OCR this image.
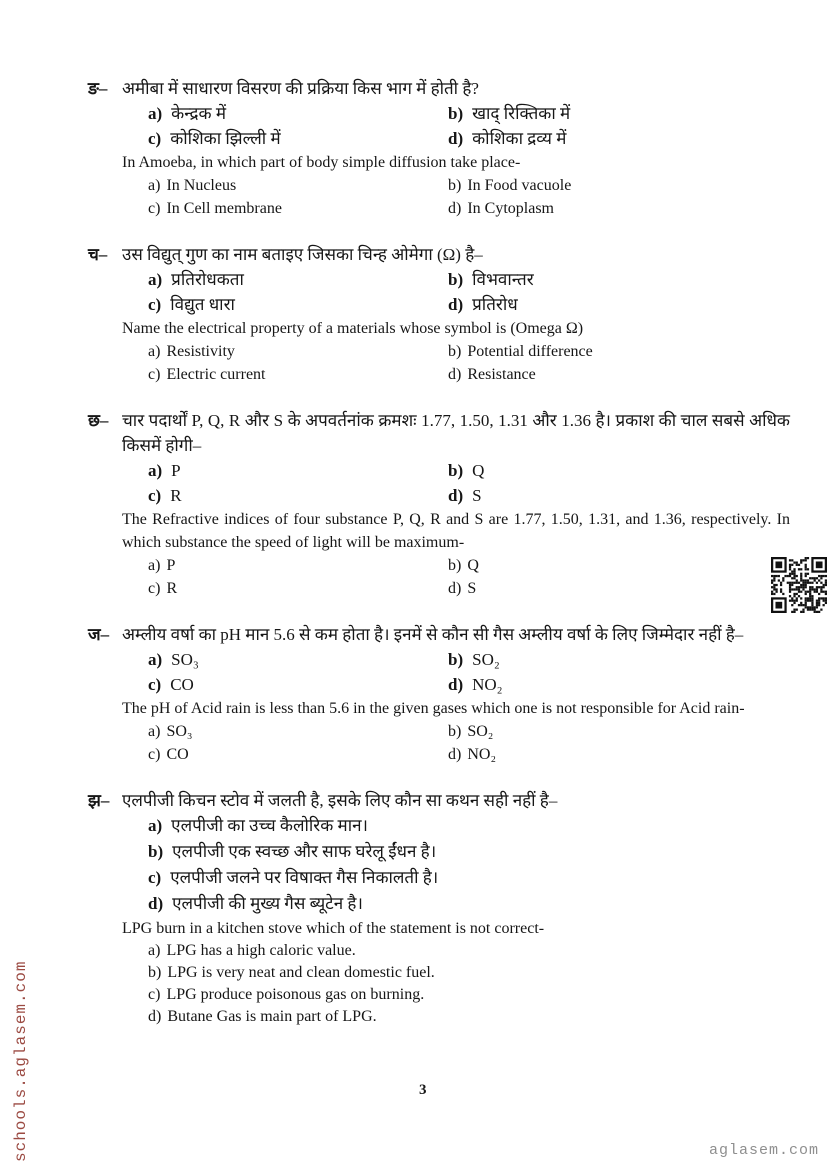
schools.aglasem.com
ङ– अमीबा में साधारण विसरण की प्रक्रिया किस भाग में होती है?
a) केन्द्रक में	b) खाद् रिक्तिका में
c) कोशिका झिल्ली में	d) कोशिका द्रव्य में
In Amoeba, in which part of body simple diffusion take place-
a) In Nucleus	b) In Food vacuole
c) In Cell membrane	d) In Cytoplasm
च– उस विद्युत् गुण का नाम बताइए जिसका चिन्ह ओमेगा (Ω) है–
a) प्रतिरोधकता	b) विभवान्तर
c) विद्युत धारा	d) प्रतिरोध
Name the electrical property of a materials whose symbol is (Omega Ω)
a) Resistivity	b) Potential difference
c) Electric current	d) Resistance
छ– चार पदार्थों P, Q, R और S के अपवर्तनांक क्रमशः 1.77, 1.50, 1.31 और 1.36 है। प्रकाश की चाल सबसे अधिक किसमें होगी–
a) P	b) Q
c) R	d) S
The Refractive indices of four substance P, Q, R and S are 1.77, 1.50, 1.31, and 1.36, respectively. In which substance the speed of light will be maximum-
a) P	b) Q
c) R	d) S
ज– अम्लीय वर्षा का pH मान 5.6 से कम होता है। इनमें से कौन सी गैस अम्लीय वर्षा के लिए जिम्मेदार नहीं है–
a) SO₃	b) SO₂
c) CO	d) NO₂
The pH of Acid rain is less than 5.6 in the given gases which one is not responsible for Acid rain-
a) SO₃	b) SO₂
c) CO	d) NO₂
झ– एलपीजी किचन स्टोव में जलती है, इसके लिए कौन सा कथन सही नहीं है–
a) एलपीजी का उच्च कैलोरिक मान।
b) एलपीजी एक स्वच्छ और साफ घरेलू ईंधन है।
c) एलपीजी जलने पर विषाक्त गैस निकालती है।
d) एलपीजी की मुख्य गैस ब्यूटेन है।
LPG burn in a kitchen stove which of the statement is not correct-
a) LPG has a high caloric value.
b) LPG is very neat and clean domestic fuel.
c) LPG produce poisonous gas on burning.
d) Butane Gas is main part of LPG.
3
aglasem.com
